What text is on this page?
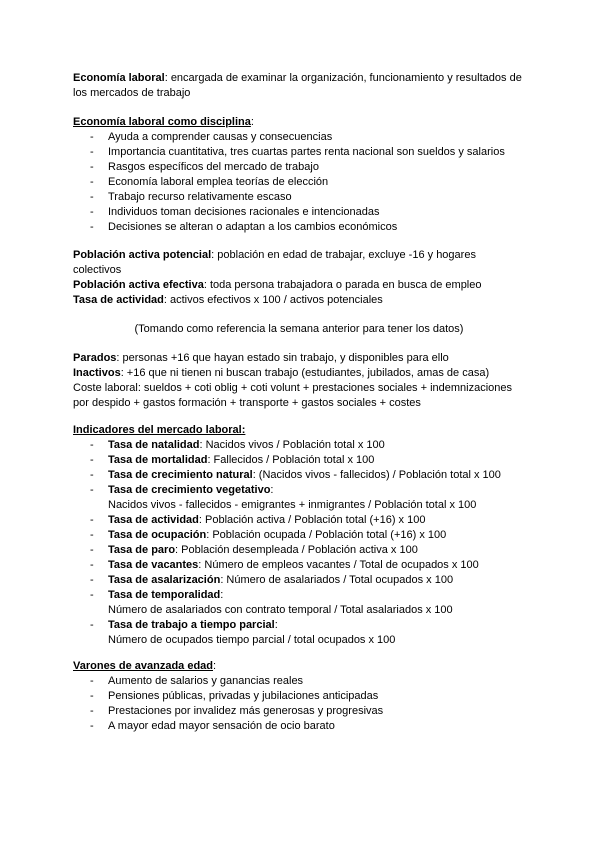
Economía laboral: encargada de examinar la organización, funcionamiento y resultados de los mercados de trabajo

Economía laboral como disciplina:

- Ayuda a comprender causas y consecuencias
- Importancia cuantitativa, tres cuartas partes renta nacional son sueldos y salarios
- Rasgos específicos del mercado de trabajo
- Economía laboral emplea teorías de elección
- Trabajo recurso relativamente escaso
- Individuos toman decisiones racionales e intencionadas
- Decisiones se alteran o adaptan a los cambios económicos

Población activa potencial: población en edad de trabajar, excluye -16 y hogares colectivos

Población activa efectiva: toda persona trabajadora o parada en busca de empleo

Tasa de actividad: activos efectivos x 100 / activos potenciales

(Tomando como referencia la semana anterior para tener los datos)

Parados: personas +16 que hayan estado sin trabajo, y disponibles para ello

Inactivos: +16 que ni tienen ni buscan trabajo (estudiantes, jubilados, amas de casa)

Coste laboral: sueldos + coti oblig + coti volunt + prestaciones sociales + indemnizaciones por despido + gastos formación + transporte + gastos sociales + costes

Indicadores del mercado laboral:

- Tasa de natalidad: Nacidos vivos / Población total x 100
- Tasa de mortalidad: Fallecidos / Población total x 100
- Tasa de crecimiento natural: (Nacidos vivos - fallecidos) / Población total x 100
- Tasa de crecimiento vegetativo:
Nacidos vivos - fallecidos - emigrantes + inmigrantes / Población total x 100
- Tasa de actividad: Población activa / Población total (+16) x 100
- Tasa de ocupación: Población ocupada / Población total (+16) x 100
- Tasa de paro: Población desempleada / Población activa x 100
- Tasa de vacantes: Número de empleos vacantes / Total de ocupados x 100
- Tasa de asalarización: Número de asalariados / Total ocupados x 100
- Tasa de temporalidad:
Número de asalariados con contrato temporal / Total asalariados x 100
- Tasa de trabajo a tiempo parcial:
Número de ocupados tiempo parcial / total ocupados x 100

Varones de avanzada edad:

- Aumento de salarios y ganancias reales
- Pensiones públicas, privadas y jubilaciones anticipadas
- Prestaciones por invalidez más generosas y progresivas
- A mayor edad mayor sensación de ocio barato
